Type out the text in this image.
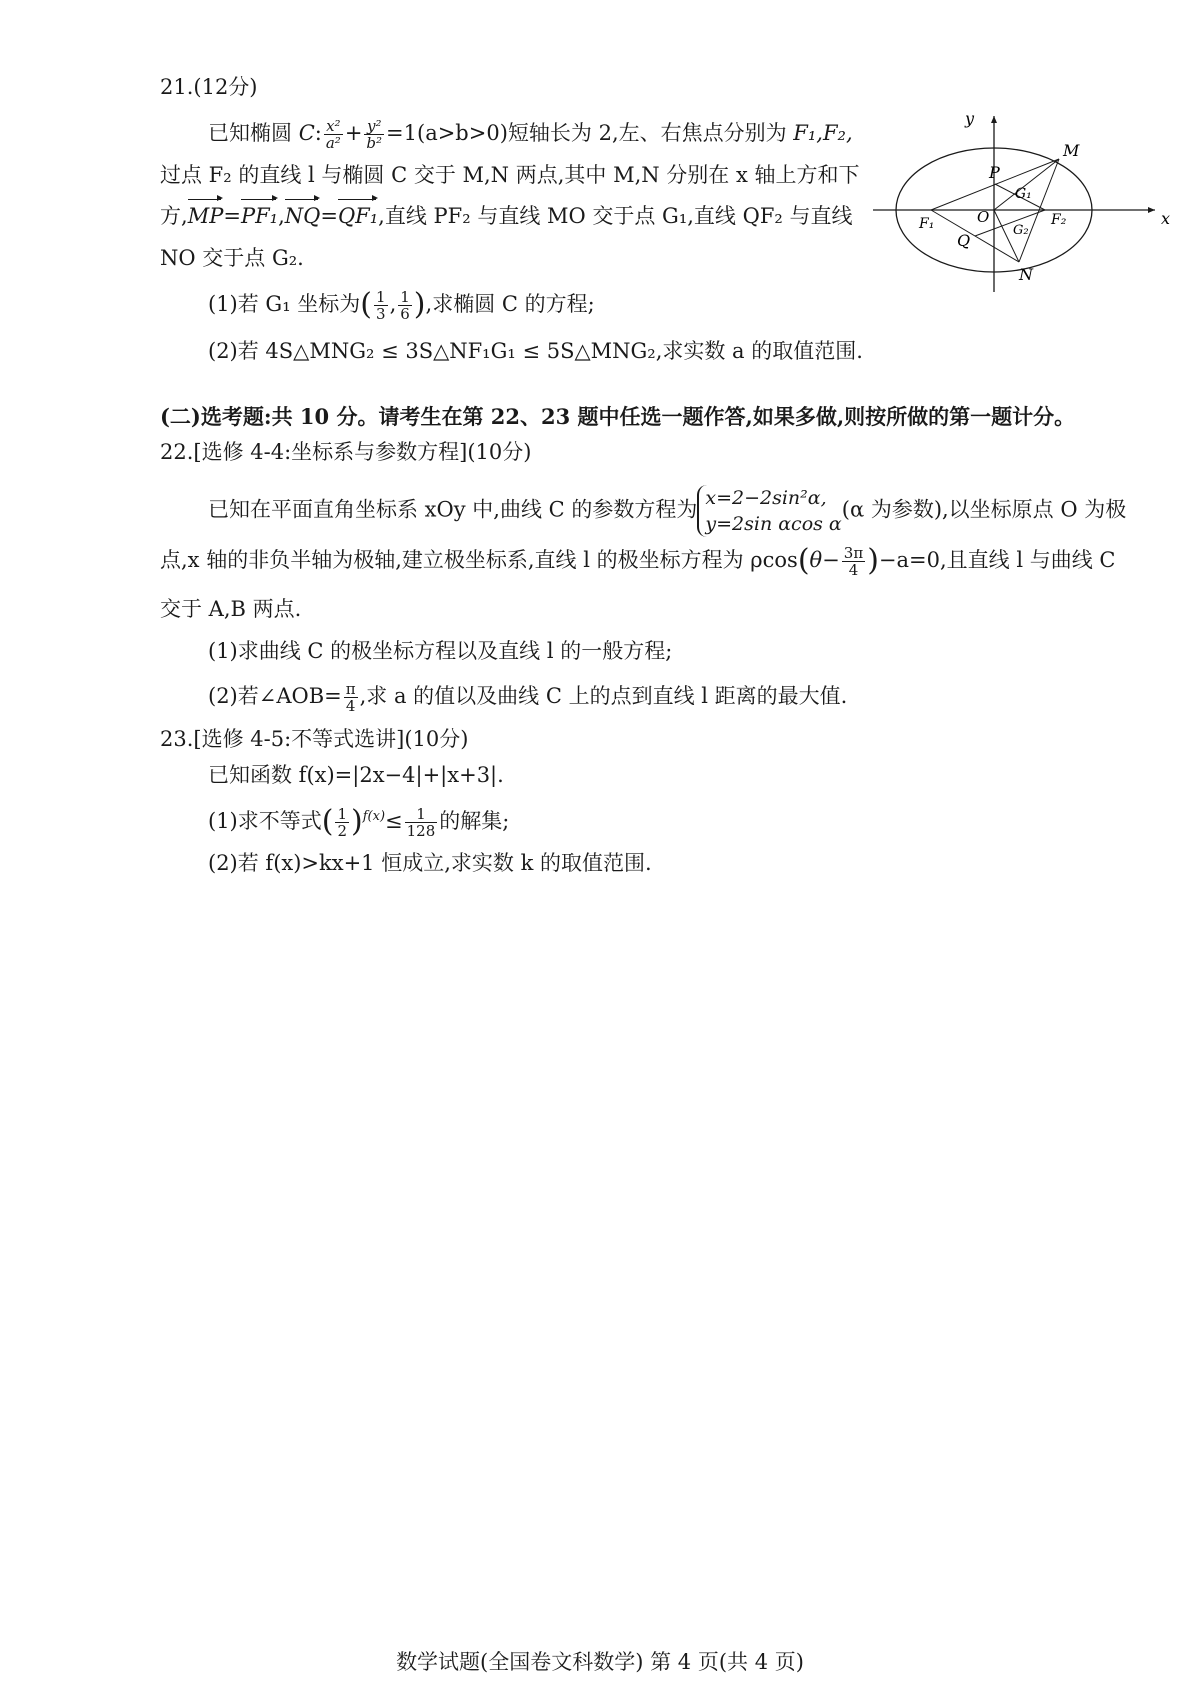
21.(12分)
已知椭圆 C: $\frac{\text{x²}}{\text{a²}} + \frac{\text{y²}}{\text{b²}} =1(a>b>0)$短轴长为 2,左、右焦点分别为 F₁,F₂,
过点 F₂ 的直线 l 与椭圆 C 交于 M,N 两点,其中 M,N 分别在 x 轴上方和下
方,MP=PF₁,NQ=QF₁,直线 PF₂ 与直线 MO 交于点 G₁,直线 QF₂ 与直线
NO 交于点 G₂.
(1)若 G₁ 坐标为( $\frac{1}{3}$ , $\frac{1}{6}$ ),求椭圆 C 的方程;
(2)若 4S△MNG₂ ≤ 3S△NF₁G₁ ≤ 5S△MNG₂,求实数 a 的取值范围.
y
x
M
P
G₁
F₁	O	F₂
Q
G₂
N
(二)选考题:共 10 分。请考生在第 22、23 题中任选一题作答,如果多做,则按所做的第一题计分。
22.[选修 4-4:坐标系与参数方程](10分)
已知在平面直角坐标系 xOy 中,曲线 C 的参数方程为 x=2−2sin²α,
y=2sin αcos α
(α 为参数),以坐标原点 O 为极
点,x 轴的非负半轴为极轴,建立极坐标系,直线 l 的极坐标方程为 $\rho\cos(\theta- \frac{3\pi}{4} )-a=0$,且直线 l 与曲线 C
交于 A,B 两点.
(1)求曲线 C 的极坐标方程以及直线 l 的一般方程;
(2)若∠AOB= $\frac{\pi}{4}$ ,求 a 的值以及曲线 C 上的点到直线 l 距离的最大值.
23.[选修 4-5:不等式选讲](10分)
已知函数 f(x)=|2x−4|+|x+3|.
(1)求不等式( $\frac{1}{2} )^{f(x)}\le \frac{1}{128}$ 的解集;
(2)若 f(x)>kx+1 恒成立,求实数 k 的取值范围.
数学试题(全国卷文科数学) 第 4 页(共 4 页)
